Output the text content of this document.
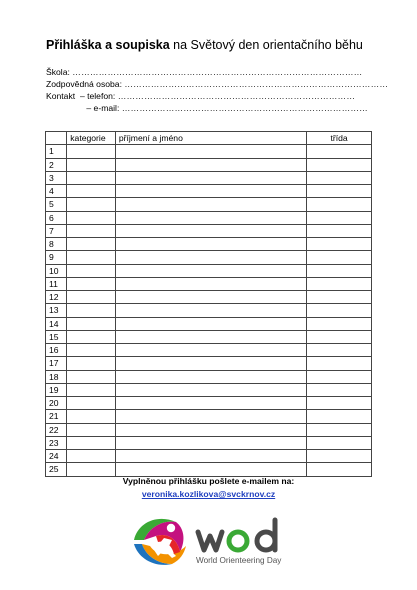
Přihláška a soupiska na Světový den orientačního běhu
Škola: ………………………………………………………………………………………
Zodpovědná osoba: ………………………………………………………………………………
Kontakt – telefon: ………………………………………………………………………
– e-mail: …………………………………………………………………………
	kategorie	příjmení a jméno	třída
1			
2			
3			
4			
5			
6			
7			
8			
9			
10			
11			
12			
13			
14			
15			
16			
17			
18			
19			
20			
21			
22			
23			
24			
25			
Vyplněnou přihlášku pošlete e-mailem na:
veronika.kozlikova@svckrnov.cz
World Orienteering Day
